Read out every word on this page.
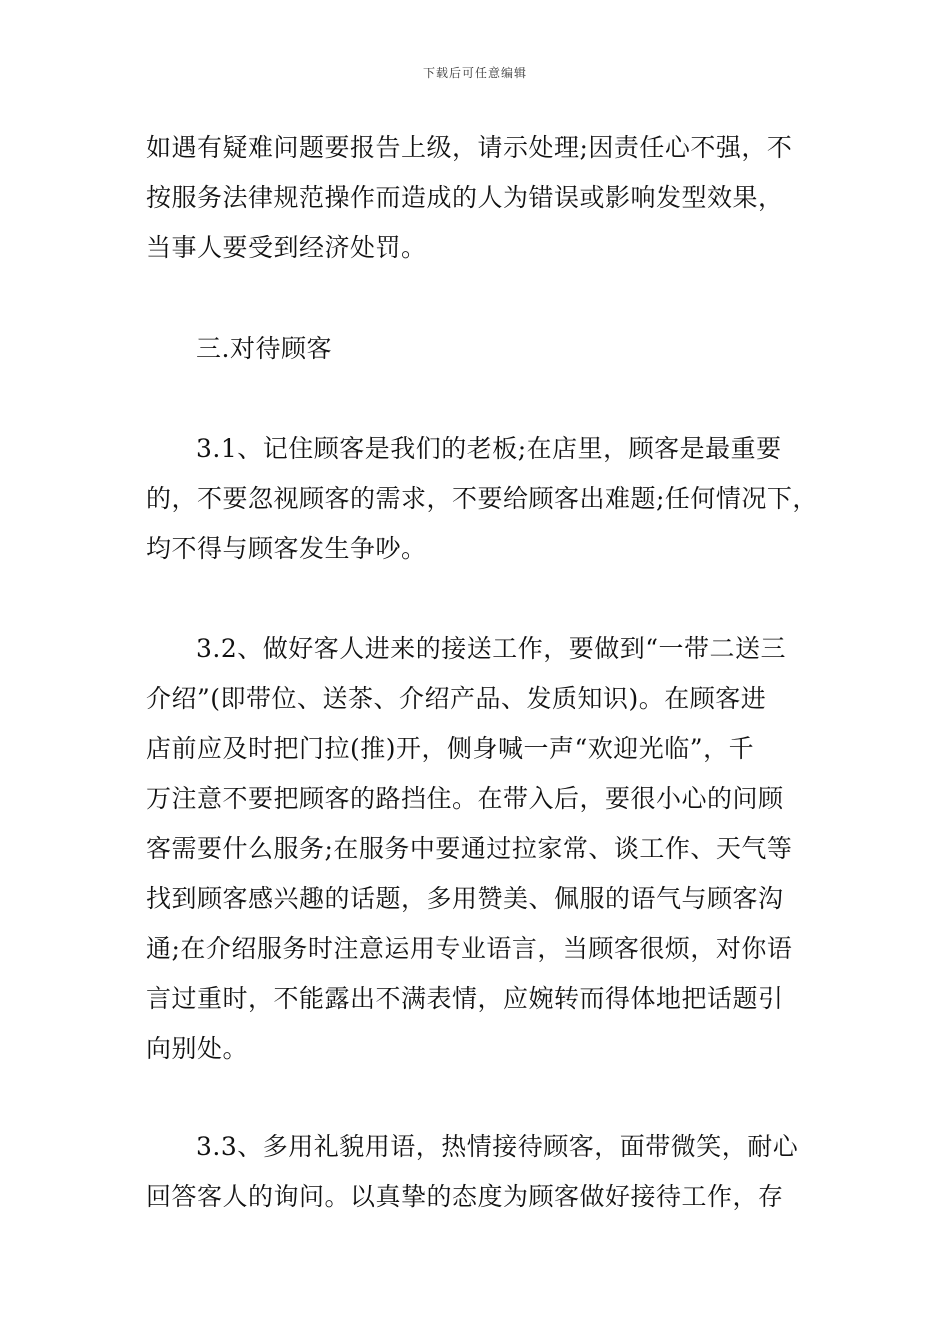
下载后可任意编辑
如遇有疑难问题要报告上级，请示处理;因责任心不强，不
按服务法律规范操作而造成的人为错误或影响发型效果，
当事人要受到经济处罚。
三.对待顾客
3.1、记住顾客是我们的老板;在店里，顾客是最重要
的，不要忽视顾客的需求，不要给顾客出难题;任何情况下，
均不得与顾客发生争吵。
3.2、做好客人进来的接送工作，要做到“一带二送三
介绍”(即带位、送茶、介绍产品、发质知识)。在顾客进
店前应及时把门拉(推)开，侧身喊一声“欢迎光临”，千
万注意不要把顾客的路挡住。在带入后，要很小心的问顾
客需要什么服务;在服务中要通过拉家常、谈工作、天气等
找到顾客感兴趣的话题，多用赞美、佩服的语气与顾客沟
通;在介绍服务时注意运用专业语言，当顾客很烦，对你语
言过重时，不能露出不满表情，应婉转而得体地把话题引
向别处。
3.3、多用礼貌用语，热情接待顾客，面带微笑，耐心
回答客人的询问。以真挚的态度为顾客做好接待工作，存
